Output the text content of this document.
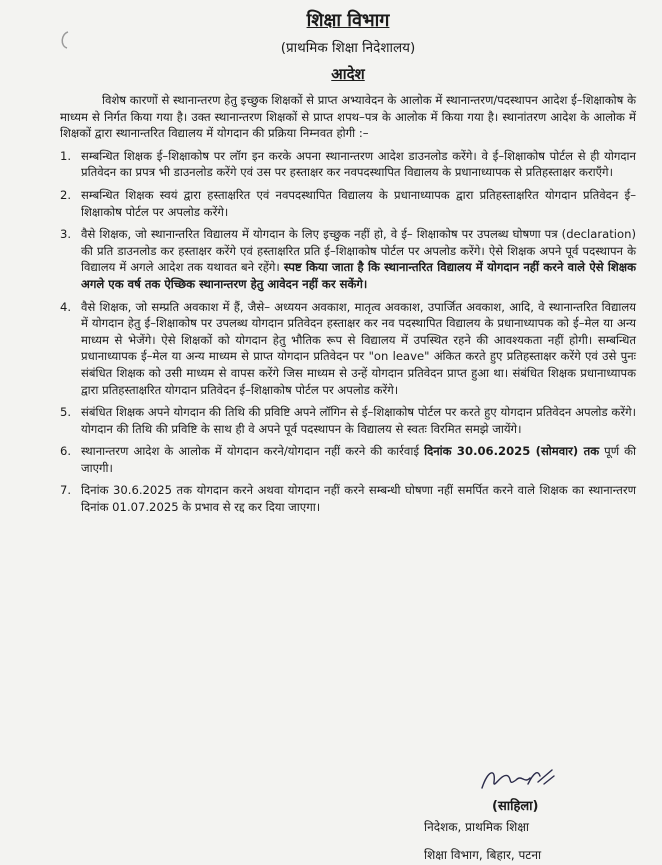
शिक्षा विभाग
(प्राथमिक शिक्षा निदेशालय)
आदेश

विशेष कारणों से स्थानान्तरण हेतु इच्छुक शिक्षकों से प्राप्त अभ्यावेदन के आलोक में स्थानान्तरण/पदस्थापन आदेश ई–शिक्षाकोष के माध्यम से निर्गत किया गया है। उक्त स्थानान्तरण शिक्षकों से प्राप्त शपथ–पत्र के आलोक में किया गया है। स्थानांतरण आदेश के आलोक में शिक्षकों द्वारा स्थानान्तरित विद्यालय में योगदान की प्रक्रिया निम्नवत होगी :–

1. सम्बन्धित शिक्षक ई–शिक्षाकोष पर लॉग इन करके अपना स्थानान्तरण आदेश डाउनलोड करेंगे। वे ई–शिक्षाकोष पोर्टल से ही योगदान प्रतिवेदन का प्रपत्र भी डाउनलोड करेंगे एवं उस पर हस्ताक्षर कर नवपदस्थापित विद्यालय के प्रधानाध्यापक से प्रतिहस्ताक्षर कराएँगे।
2. सम्बन्धित शिक्षक स्वयं द्वारा हस्ताक्षरित एवं नवपदस्थापित विद्यालय के प्रधानाध्यापक द्वारा प्रतिहस्ताक्षरित योगदान प्रतिवेदन ई–शिक्षाकोष पोर्टल पर अपलोड करेंगे।
3. वैसे शिक्षक, जो स्थानान्तरित विद्यालय में योगदान के लिए इच्छुक नहीं हो, वे ई– शिक्षाकोष पर उपलब्ध घोषणा पत्र (declaration) की प्रति डाउनलोड कर हस्ताक्षर करेंगे एवं हस्ताक्षरित प्रति ई–शिक्षाकोष पोर्टल पर अपलोड करेंगे। ऐसे शिक्षक अपने पूर्व पदस्थापन के विद्यालय में अगले आदेश तक यथावत बने रहेंगे। स्पष्ट किया जाता है कि स्थानान्तरित विद्यालय में योगदान नहीं करने वाले ऐसे शिक्षक अगले एक वर्ष तक ऐच्छिक स्थानान्तरण हेतु आवेदन नहीं कर सकेंगे।
4. वैसे शिक्षक, जो सम्प्रति अवकाश में हैं, जैसे– अध्ययन अवकाश, मातृत्व अवकाश, उपार्जित अवकाश, आदि, वे स्थानान्तरित विद्यालय में योगदान हेतु ई–शिक्षाकोष पर उपलब्ध योगदान प्रतिवेदन हस्ताक्षर कर नव पदस्थापित विद्यालय के प्रधानाध्यापक को ई–मेल या अन्य माध्यम से भेजेंगे। ऐसे शिक्षकों को योगदान हेतु भौतिक रूप से विद्यालय में उपस्थित रहने की आवश्यकता नहीं होगी। सम्बन्धित प्रधानाध्यापक ई–मेल या अन्य माध्यम से प्राप्त योगदान प्रतिवेदन पर "on leave" अंकित करते हुए प्रतिहस्ताक्षर करेंगे एवं उसे पुनः संबंधित शिक्षक को उसी माध्यम से वापस करेंगे जिस माध्यम से उन्हें योगदान प्रतिवेदन प्राप्त हुआ था। संबंधित शिक्षक प्रधानाध्यापक द्वारा प्रतिहस्ताक्षरित योगदान प्रतिवेदन ई–शिक्षाकोष पोर्टल पर अपलोड करेंगे।
5. संबंधित शिक्षक अपने योगदान की तिथि की प्रविष्टि अपने लॉगिन से ई–शिक्षाकोष पोर्टल पर करते हुए योगदान प्रतिवेदन अपलोड करेंगे। योगदान की तिथि की प्रविष्टि के साथ ही वे अपने पूर्व पदस्थापन के विद्यालय से स्वतः विरमित समझे जायेंगे।
6. स्थानान्तरण आदेश के आलोक में योगदान करने/योगदान नहीं करने की कार्रवाई दिनांक 30.06.2025 (सोमवार) तक पूर्ण की जाएगी।
7. दिनांक 30.6.2025 तक योगदान करने अथवा योगदान नहीं करने सम्बन्धी घोषणा नहीं समर्पित करने वाले शिक्षक का स्थानान्तरण दिनांक 01.07.2025 के प्रभाव से रद्द कर दिया जाएगा।
(साहिला)
निदेशक, प्राथमिक शिक्षा
शिक्षा विभाग, बिहार, पटना
